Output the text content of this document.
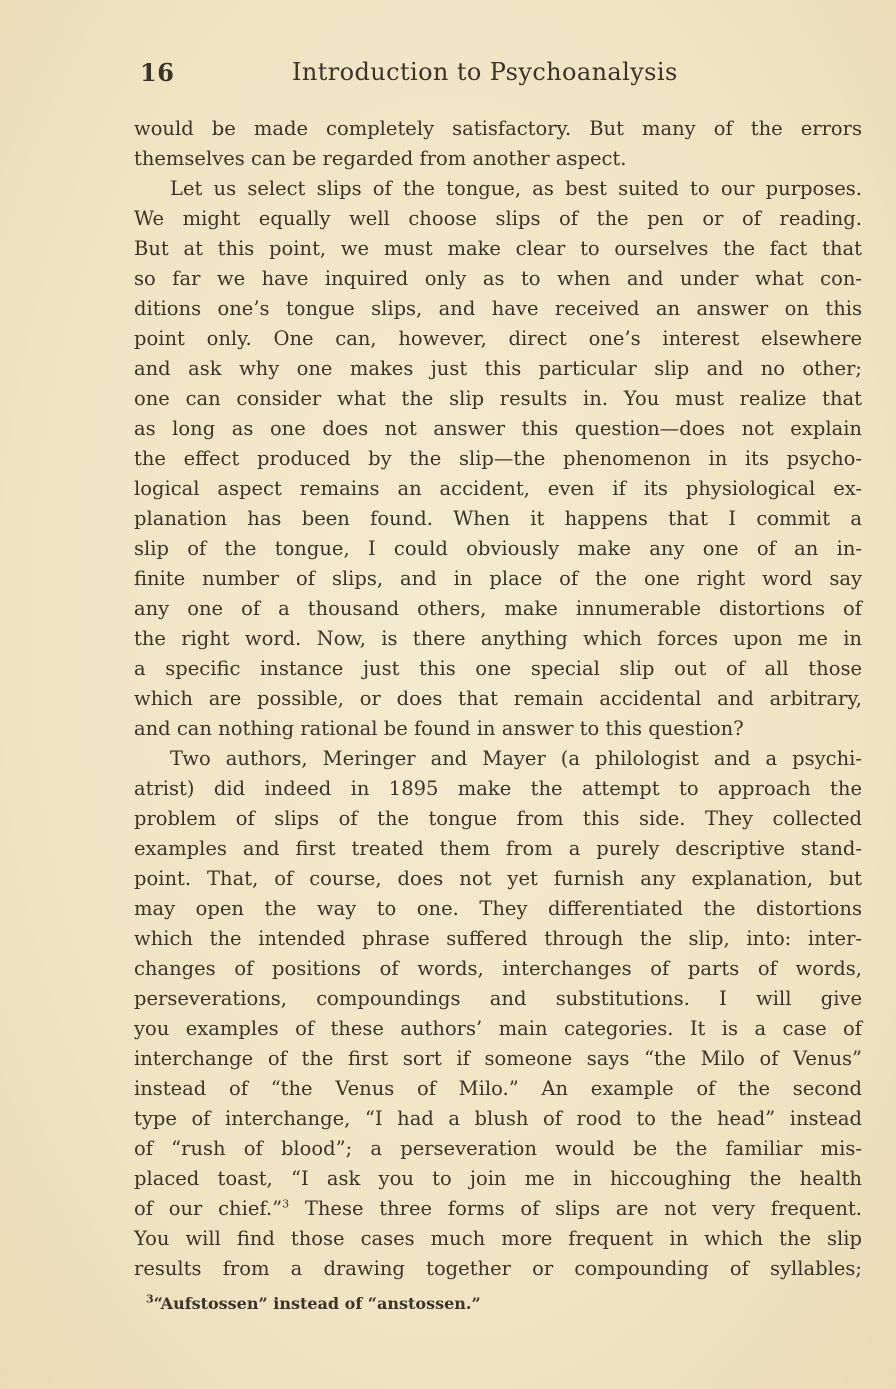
16	Introduction to Psychoanalysis
would be made completely satisfactory. But many of the errors
themselves can be regarded from another aspect.
Let us select slips of the tongue, as best suited to our purposes.
We might equally well choose slips of the pen or of reading.
But at this point, we must make clear to ourselves the fact that
so far we have inquired only as to when and under what con-
ditions one’s tongue slips, and have received an answer on this
point only. One can, however, direct one’s interest elsewhere
and ask why one makes just this particular slip and no other;
one can consider what the slip results in. You must realize that
as long as one does not answer this question—does not explain
the effect produced by the slip—the phenomenon in its psycho-
logical aspect remains an accident, even if its physiological ex-
planation has been found. When it happens that I commit a
slip of the tongue, I could obviously make any one of an in-
finite number of slips, and in place of the one right word say
any one of a thousand others, make innumerable distortions of
the right word. Now, is there anything which forces upon me in
a specific instance just this one special slip out of all those
which are possible, or does that remain accidental and arbitrary,
and can nothing rational be found in answer to this question?
Two authors, Meringer and Mayer (a philologist and a psychi-
atrist) did indeed in 1895 make the attempt to approach the
problem of slips of the tongue from this side. They collected
examples and first treated them from a purely descriptive stand-
point. That, of course, does not yet furnish any explanation, but
may open the way to one. They differentiated the distortions
which the intended phrase suffered through the slip, into: inter-
changes of positions of words, interchanges of parts of words,
perseverations, compoundings and substitutions. I will give
you examples of these authors’ main categories. It is a case of
interchange of the first sort if someone says “the Milo of Venus”
instead of “the Venus of Milo.” An example of the second
type of interchange, “I had a blush of rood to the head” instead
of “rush of blood”; a perseveration would be the familiar mis-
placed toast, “I ask you to join me in hiccoughing the health
of our chief.”$^3$ These three forms of slips are not very frequent.
You will find those cases much more frequent in which the slip
results from a drawing together or compounding of syllables;
$^3$“Aufstossen” instead of “anstossen.”
